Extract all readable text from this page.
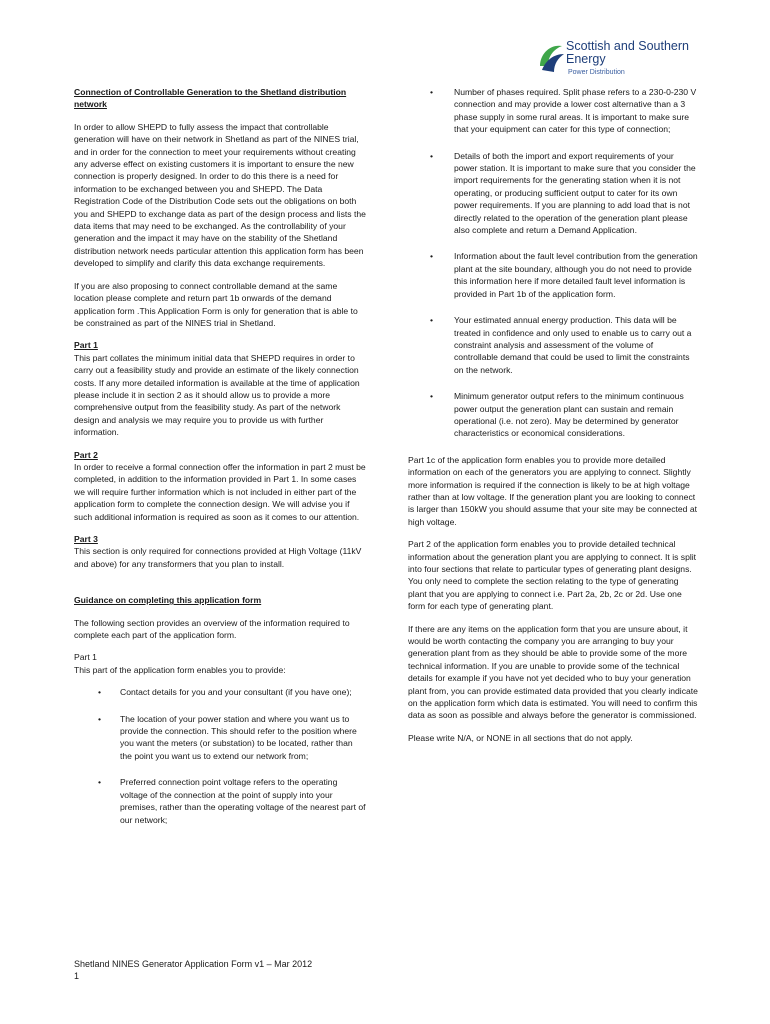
Scottish and Southern
Energy
Power Distribution

Connection of Controllable Generation to the Shetland distribution network

In order to allow SHEPD to fully assess the impact that controllable generation will have on their network in Shetland as part of the NINES trial, and in order for the connection to meet your requirements without creating any adverse effect on existing customers it is important to ensure the new connection is properly designed. In order to do this there is a need for information to be exchanged between you and SHEPD. The Data Registration Code of the Distribution Code sets out the obligations on both you and SHEPD to exchange data as part of the design process and lists the data items that may need to be exchanged. As the controllability of your generation and the impact it may have on the stability of the Shetland distribution network needs particular attention this application form has been developed to simplify and clarify this data exchange requirements.

If you are also proposing to connect controllable demand at the same location please complete and return part 1b onwards of the demand application form .This Application Form is only for generation that is able to be constrained as part of the NINES trial in Shetland.

Part 1

This part collates the minimum initial data that SHEPD requires in order to carry out a feasibility study and provide an estimate of the likely connection costs. If any more detailed information is available at the time of application please include it in section 2 as it should allow us to provide a more comprehensive output from the feasibility study. As part of the network design and analysis we may require you to provide us with further information.

Part 2

In order to receive a formal connection offer the information in part 2 must be completed, in addition to the information provided in Part 1. In some cases we will require further information which is not included in either part of the application form to complete the connection design. We will advise you if such additional information is required as soon as it comes to our attention.

Part 3

This section is only required for connections provided at High Voltage (11kV and above) for any transformers that you plan to install.

Guidance on completing this application form

The following section provides an overview of the information required to complete each part of the application form.

Part 1

This part of the application form enables you to provide:

• Contact details for you and your consultant (if you have one);
• The location of your power station and where you want us to provide the connection. This should refer to the position where you want the meters (or substation) to be located, rather than the point you want us to extend our network from;
• Preferred connection point voltage refers to the operating voltage of the connection at the point of supply into your premises, rather than the operating voltage of the nearest part of our network;
• Number of phases required. Split phase refers to a 230-0-230 V connection and may provide a lower cost alternative than a 3 phase supply in some rural areas. It is important to make sure that your equipment can cater for this type of connection;
• Details of both the import and export requirements of your power station. It is important to make sure that you consider the import requirements for the generating station when it is not operating, or producing sufficient output to cater for its own power requirements. If you are planning to add load that is not directly related to the operation of the generation plant please also complete and return a Demand Application.
• Information about the fault level contribution from the generation plant at the site boundary, although you do not need to provide this information here if more detailed fault level information is provided in Part 1b of the application form.
• Your estimated annual energy production. This data will be treated in confidence and only used to enable us to carry out a constraint analysis and assessment of the volume of controllable demand that could be used to limit the constraints on the network.
• Minimum generator output refers to the minimum continuous power output the generation plant can sustain and remain operational (i.e. not zero). May be determined by generator characteristics or economical considerations.

Part 1c of the application form enables you to provide more detailed information on each of the generators you are applying to connect. Slightly more information is required if the connection is likely to be at high voltage rather than at low voltage. If the generation plant you are looking to connect is larger than 150kW you should assume that your site may be connected at high voltage.

Part 2 of the application form enables you to provide detailed technical information about the generation plant you are applying to connect. It is split into four sections that relate to particular types of generating plant designs. You only need to complete the section relating to the type of generating plant that you are applying to connect i.e. Part 2a, 2b, 2c or 2d. Use one form for each type of generating plant.

If there are any items on the application form that you are unsure about, it would be worth contacting the company you are arranging to buy your generation plant from as they should be able to provide some of the more technical information. If you are unable to provide some of the technical details for example if you have not yet decided who to buy your generation plant from, you can provide estimated data provided that you clearly indicate on the application form which data is estimated. You will need to confirm this data as soon as possible and always before the generator is commissioned.

Please write N/A, or NONE in all sections that do not apply.

Shetland NINES Generator Application Form v1 – Mar 2012
1
